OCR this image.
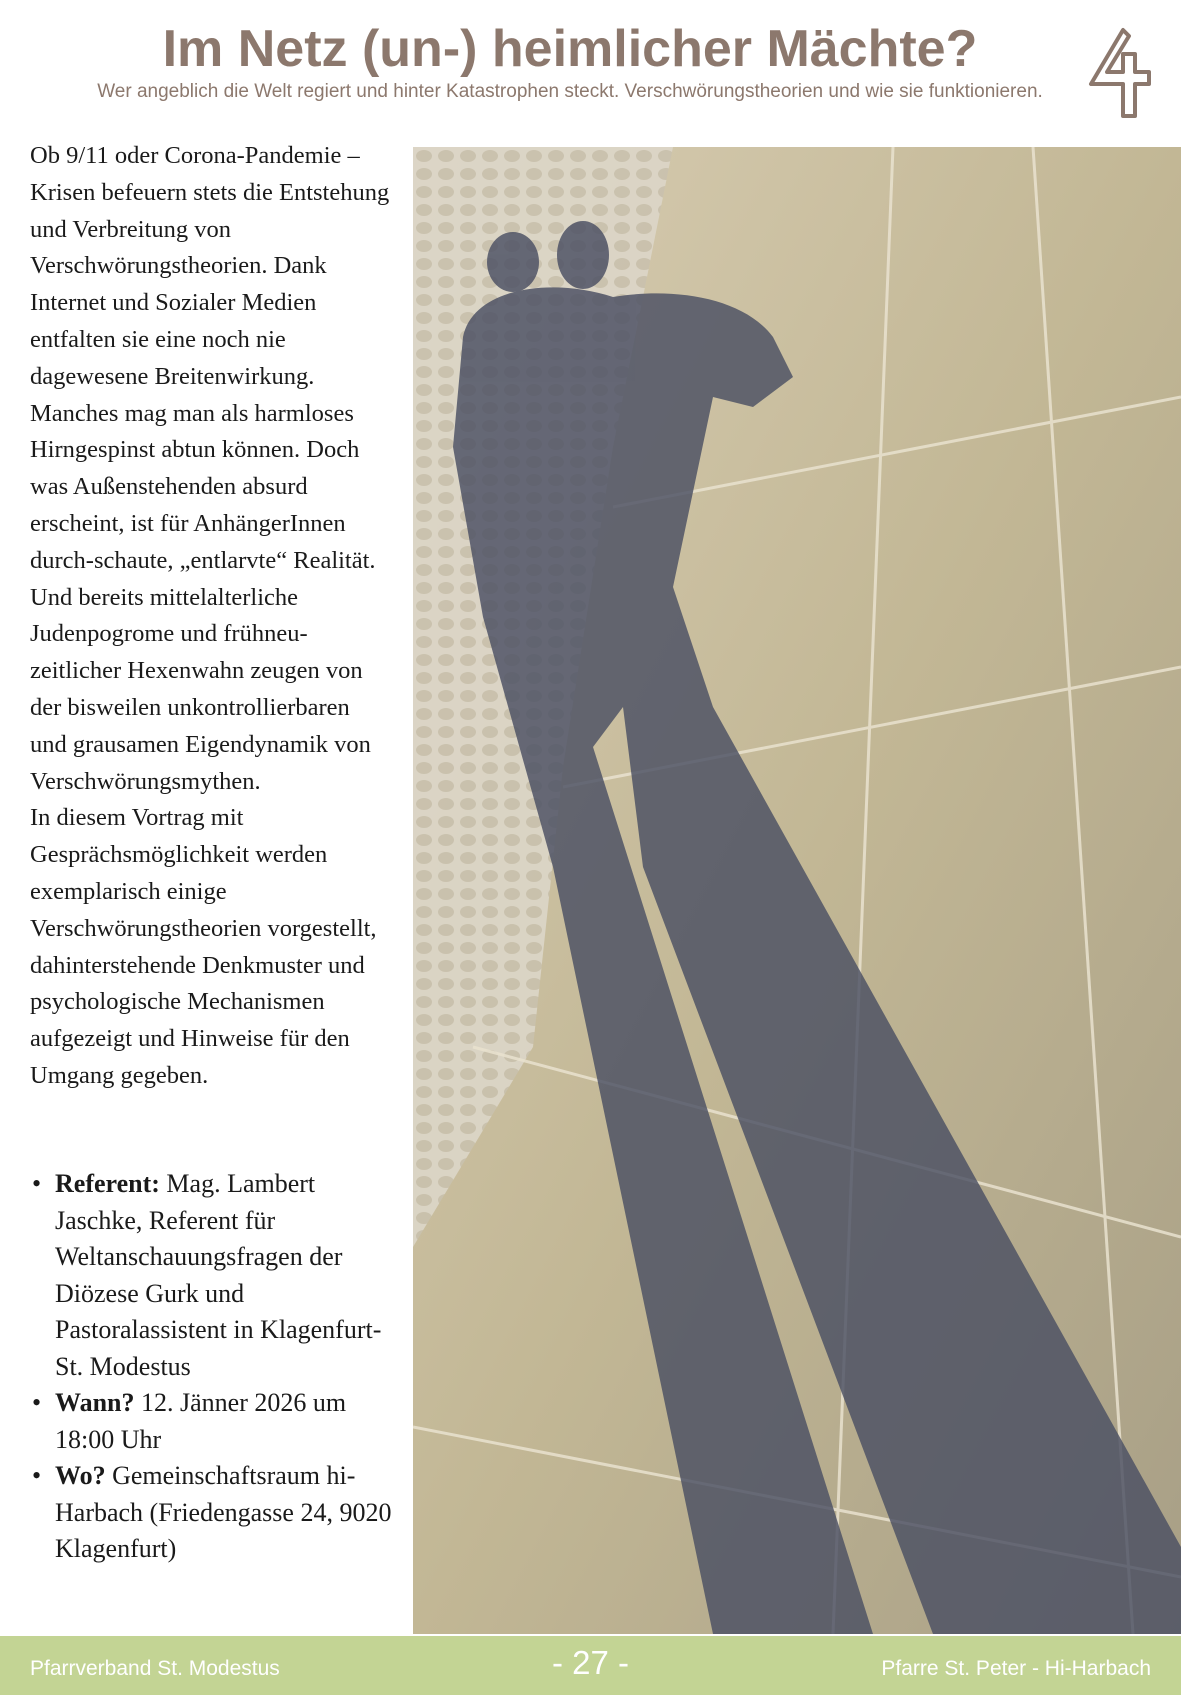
Im Netz (un-) heimlicher Mächte?

Wer angeblich die Welt regiert und hinter Katastrophen steckt. Verschwörungstheorien und wie sie funktionieren.

Ob 9/11 oder Corona-Pandemie – Krisen befeuern stets die Entstehung und Verbreitung von Verschwörungstheorien. Dank Internet und Sozialer Medien entfalten sie eine noch nie dagewesene Breitenwirkung. Manches mag man als harmloses Hirngespinst abtun können. Doch was Außenstehenden absurd erscheint, ist für AnhängerInnen durch-schaute, „entlarvte“ Realität. Und bereits mittelalterliche Judenpogrome und frühneu-zeitlicher Hexenwahn zeugen von der bisweilen unkontrollierbaren und grausamen Eigendynamik von Verschwörungsmythen.

In diesem Vortrag mit Gesprächsmöglichkeit werden exemplarisch einige Verschwörungstheorien vorgestellt, dahinterstehende Denkmuster und psychologische Mechanismen aufgezeigt und Hinweise für den Umgang gegeben.

• Referent: Mag. Lambert Jaschke, Referent für Weltanschauungsfragen der Diözese Gurk und Pastoralassistent in Klagenfurt-St. Modestus
• Wann? 12. Jänner 2026 um 18:00 Uhr
• Wo? Gemeinschaftsraum hi-Harbach (Friedengasse 24, 9020 Klagenfurt)
Pfarrverband St. Modestus	- 27 -	Pfarre St. Peter - Hi-Harbach
